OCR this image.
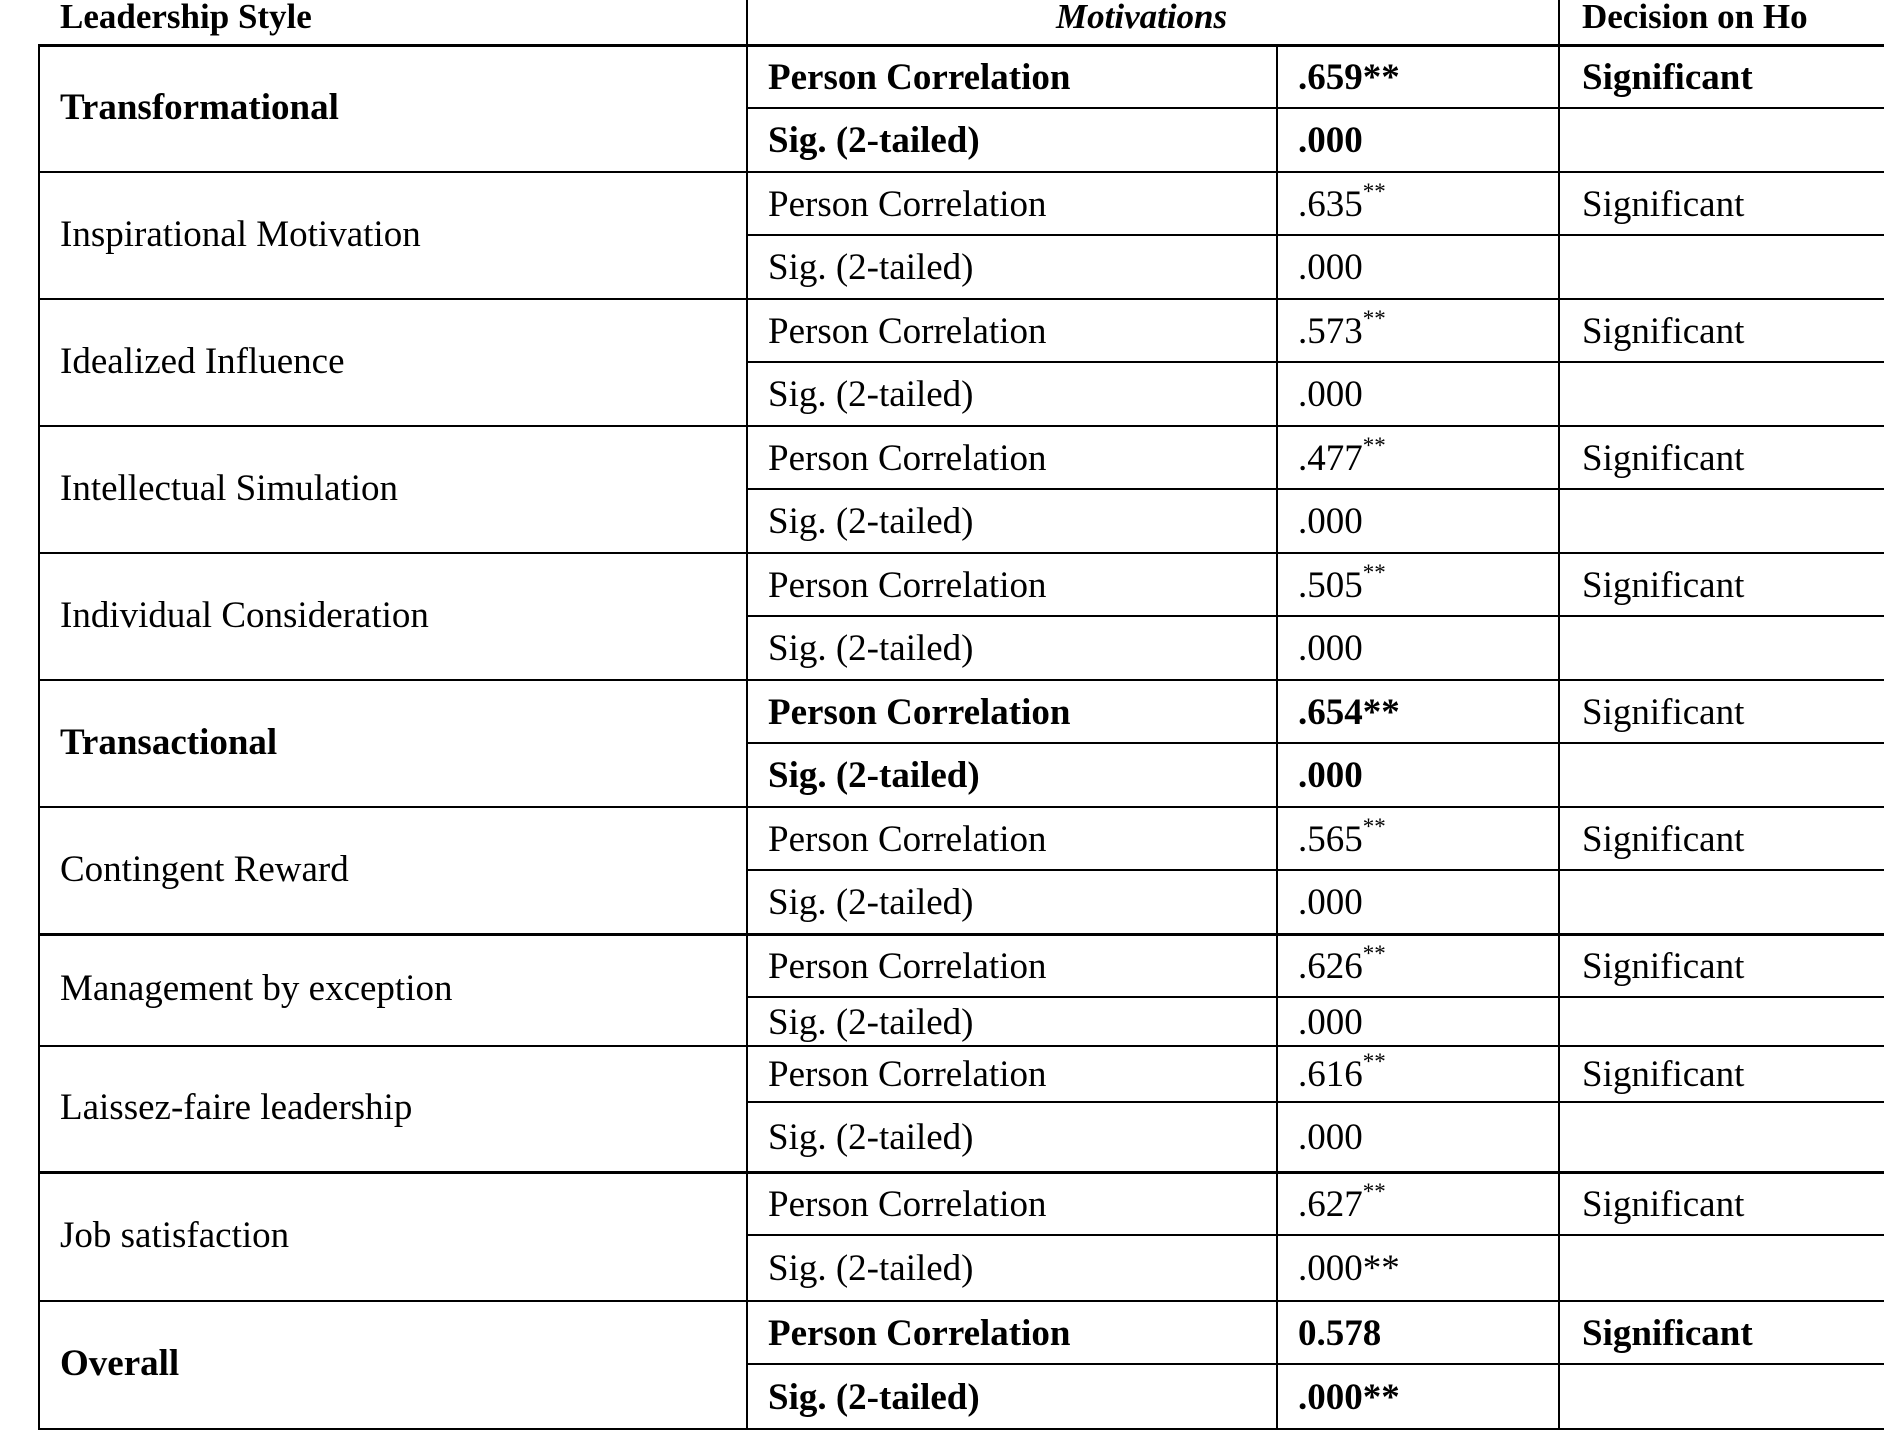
Leadership Style	Motivations	Decision on Ho
Transformational
Person Correlation	.659**	Significant
Sig. (2-tailed)	.000
Inspirational Motivation
Person Correlation	.635**	Significant
Sig. (2-tailed)	.000
Idealized Influence
Person Correlation	.573**	Significant
Sig. (2-tailed)	.000
Intellectual Simulation
Person Correlation	.477**	Significant
Sig. (2-tailed)	.000
Individual Consideration
Person Correlation	.505**	Significant
Sig. (2-tailed)	.000
Transactional
Person Correlation	.654**	Significant
Sig. (2-tailed)	.000
Contingent Reward
Person Correlation	.565**	Significant
Sig. (2-tailed)	.000
Management by exception
Person Correlation	.626**	Significant
Sig. (2-tailed)	.000
Laissez-faire leadership
Person Correlation	.616**	Significant
Sig. (2-tailed)	.000
Job satisfaction
Person Correlation	.627**	Significant
Sig. (2-tailed)	.000**
Overall
Person Correlation	0.578	Significant
Sig. (2-tailed)	.000**
